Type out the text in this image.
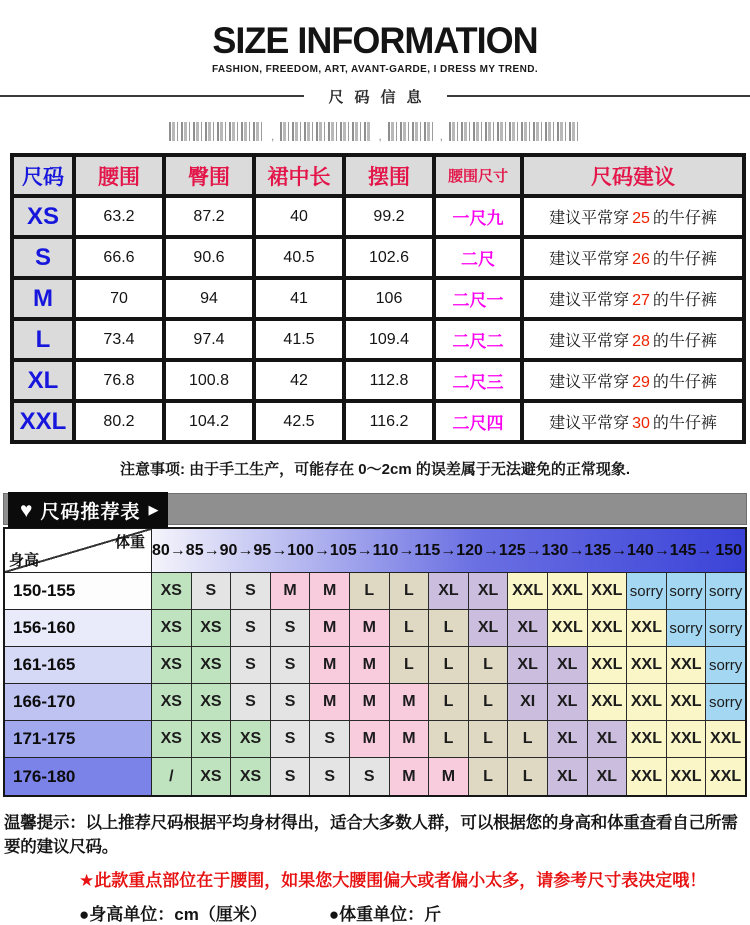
SIZE INFORMATION
FASHION, FREEDOM, ART, AVANT-GARDE, I DRESS MY TREND.
尺码信息
,	,	,
尺码	腰围	臀围	裙中长	摆围	腰围尺寸	尺码建议
XS	63.2	87.2	40	99.2	一尺九	建议平常穿 25 的牛仔裤
S	66.6	90.6	40.5	102.6	二尺	建议平常穿 26 的牛仔裤
M	70	94	41	106	二尺一	建议平常穿 27 的牛仔裤
L	73.4	97.4	41.5	109.4	二尺二	建议平常穿 28 的牛仔裤
XL	76.8	100.8	42	112.8	二尺三	建议平常穿 29 的牛仔裤
XXL	80.2	104.2	42.5	116.2	二尺四	建议平常穿 30 的牛仔裤
注意事项: 由于手工生产，可能存在 0～2cm 的误差属于无法避免的正常现象.
♥ 尺码推荐表 ▶
体重
身高
80→ 85→ 90→ 95→ 100→ 105→ 110→ 115→ 120→ 125→ 130→ 135→ 140→ 145→ 150
150-155	XS	S	S	M	M	L	L	XL	XL XXL XXL XXL sorry sorry sorry
156-160	XS	XS	S	S	M	M	L	L	XL	XL XXL XXL XXL sorry sorry
161-165	XS	XS	S	S	M	M	L	L	L	XL	XL XXL XXL XXL sorry
166-170	XS	XS	S	S	M	M	M	L	L	XI	XL XXL XXL XXL sorry
171-175	XS	XS	XS	S	S	M	M	L	L	L	XL	XL XXL XXL XXL
176-180	/	XS	XS	S	S	S	M	M	L	L	XL	XL XXL XXL XXL
温馨提示：以上推荐尺码根据平均身材得出，适合大多数人群，可以根据您的身高和体重查看自己所需要的建议尺码。
★此款重点部位在于腰围，如果您大腰围偏大或者偏小太多，请参考尺寸表决定哦！
●身高单位：cm（厘米）	●体重单位：斤
